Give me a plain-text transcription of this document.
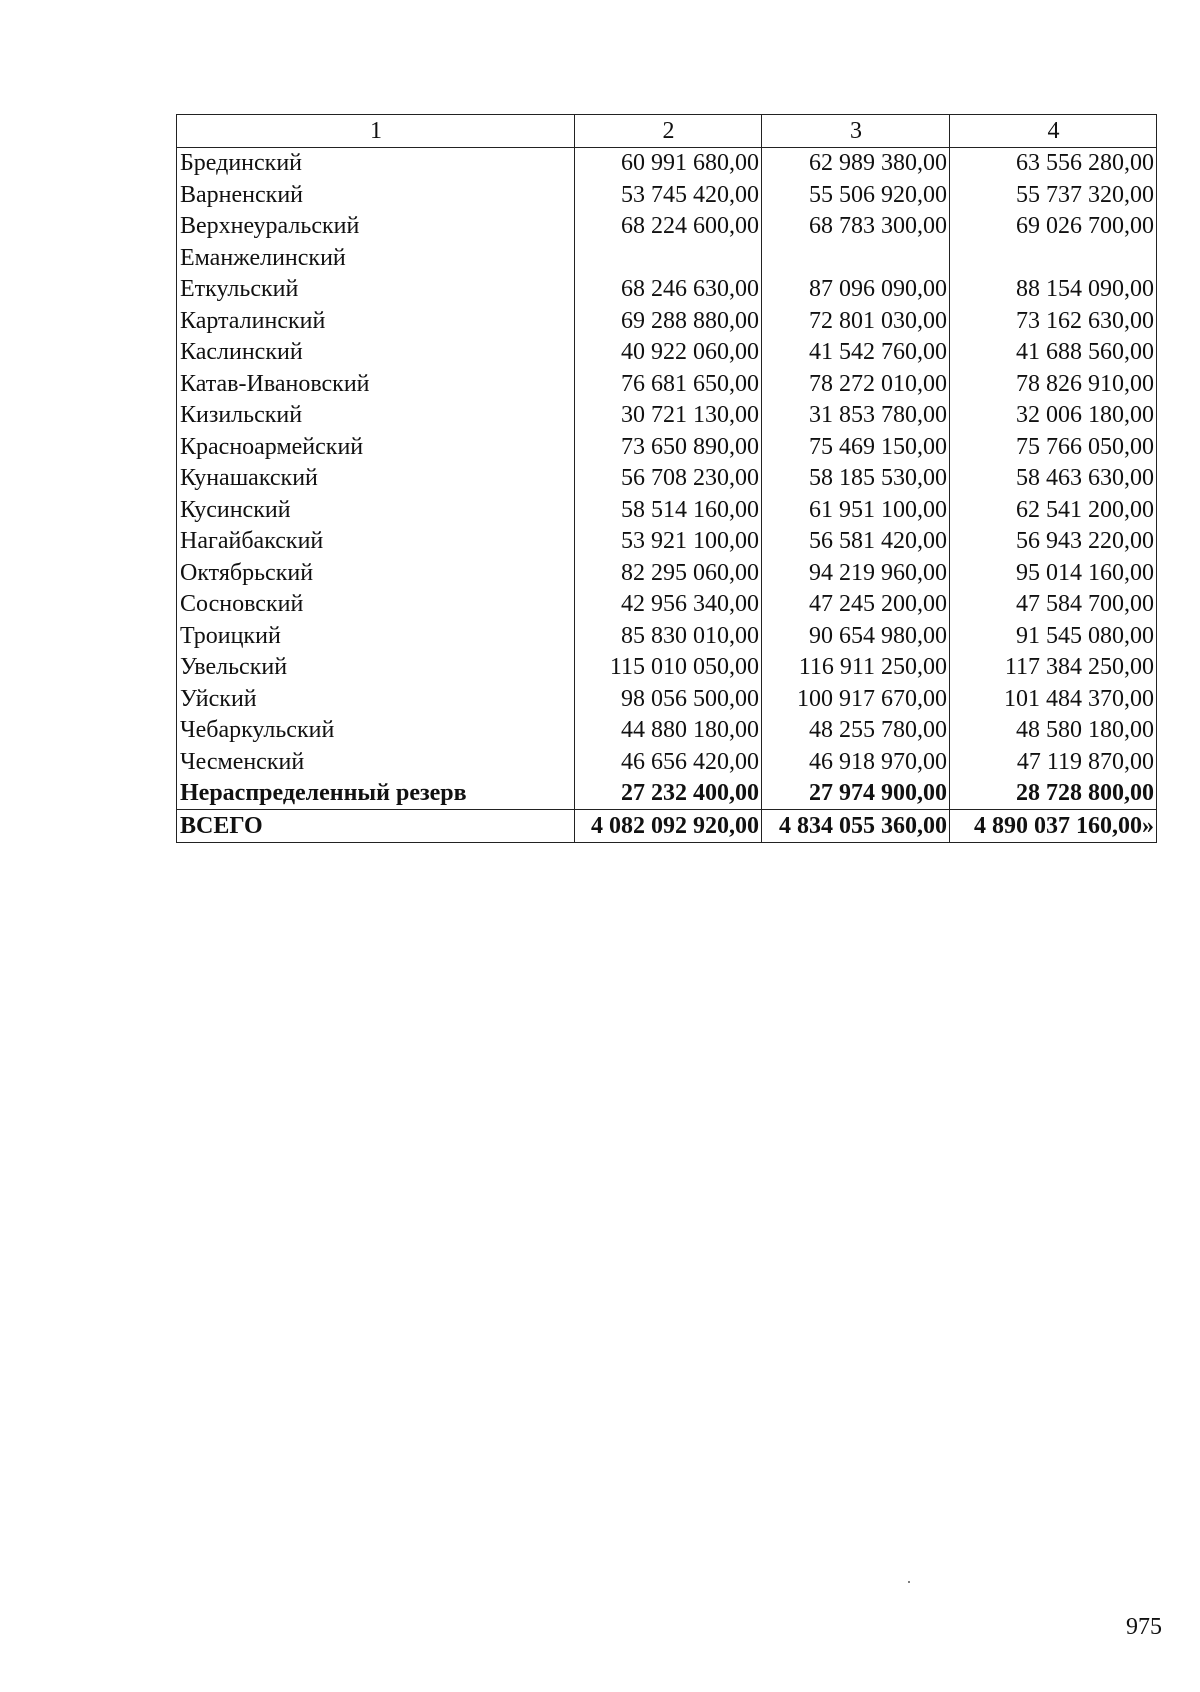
1	2	3	4
Брединский	60 991 680,00	62 989 380,00	63 556 280,00
Варненский	53 745 420,00	55 506 920,00	55 737 320,00
Верхнеуральский	68 224 600,00	68 783 300,00	69 026 700,00
Еманжелинский			
Еткульский	68 246 630,00	87 096 090,00	88 154 090,00
Карталинский	69 288 880,00	72 801 030,00	73 162 630,00
Каслинский	40 922 060,00	41 542 760,00	41 688 560,00
Катав-Ивановский	76 681 650,00	78 272 010,00	78 826 910,00
Кизильский	30 721 130,00	31 853 780,00	32 006 180,00
Красноармейский	73 650 890,00	75 469 150,00	75 766 050,00
Кунашакский	56 708 230,00	58 185 530,00	58 463 630,00
Кусинский	58 514 160,00	61 951 100,00	62 541 200,00
Нагайбакский	53 921 100,00	56 581 420,00	56 943 220,00
Октябрьский	82 295 060,00	94 219 960,00	95 014 160,00
Сосновский	42 956 340,00	47 245 200,00	47 584 700,00
Троицкий	85 830 010,00	90 654 980,00	91 545 080,00
Увельский	115 010 050,00	116 911 250,00	117 384 250,00
Уйский	98 056 500,00	100 917 670,00	101 484 370,00
Чебаркульский	44 880 180,00	48 255 780,00	48 580 180,00
Чесменский	46 656 420,00	46 918 970,00	47 119 870,00
Нераспределенный резерв	27 232 400,00	27 974 900,00	28 728 800,00
ВСЕГО	4 082 092 920,00	4 834 055 360,00	4 890 037 160,00»
975
